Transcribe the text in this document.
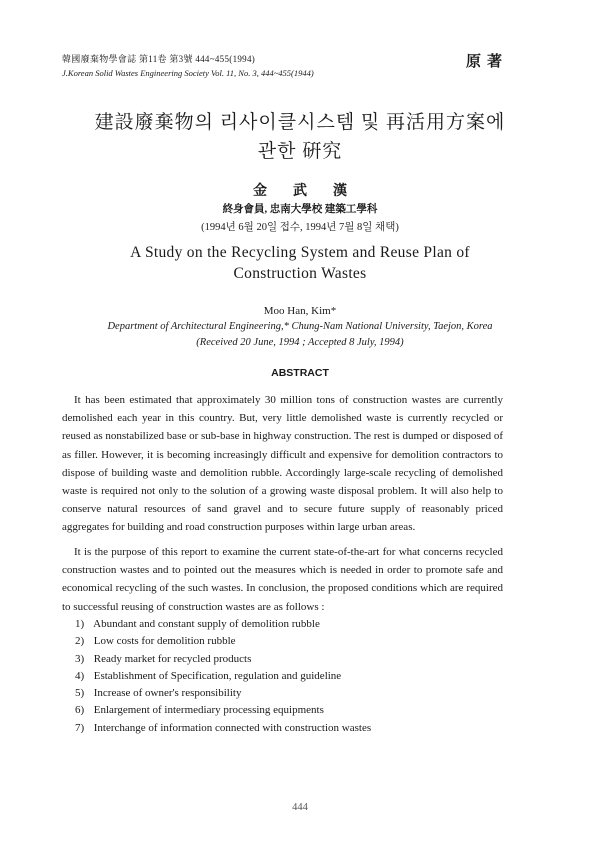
韓國廢棄物學會誌 第11卷 第3號 444~455(1994)
J.Korean Solid Wastes Engineering Society Vol. 11, No. 3, 444~455(1944)
原著
建設廢棄物의 리사이클시스템 및 再活用方案에
관한 硏究
金武漢
終身會員, 忠南大學校 建築工學科
(1994년 6월 20일 접수, 1994년 7월 8일 채택)
A Study on the Recycling System and Reuse Plan of
Construction Wastes
Moo Han, Kim*
Department of Architectural Engineering,* Chung-Nam National University, Taejon, Korea
(Received 20 June, 1994 ; Accepted 8 July, 1994)
ABSTRACT

It has been estimated that approximately 30 million tons of construction wastes are currently demolished each year in this country. But, very little demolished waste is currently recycled or reused as nonstabilized base or sub-base in highway construction. The rest is dumped or disposed of as filler. However, it is becoming increasingly difficult and expensive for demolition contractors to dispose of building waste and demolition rubble. Accordingly large-scale recycling of demolished waste is required not only to the solution of a growing waste disposal problem. It will also help to conserve natural resources of sand gravel and to secure future supply of reasonably priced aggregates for building and road construction purposes within large urban areas.

It is the purpose of this report to examine the current state-of-the-art for what concerns recycled construction wastes and to pointed out the measures which is needed in order to promote safe and economical recycling of the such wastes. In conclusion, the proposed conditions which are required to successful reusing of construction wastes are as follows :

1) Abundant and constant supply of demolition rubble
2) Low costs for demolition rubble
3) Ready market for recycled products
4) Establishment of Specification, regulation and guideline
5) Increase of owner's responsibility
6) Enlargement of intermediary processing equipments
7) Interchange of information connected with construction wastes
444
